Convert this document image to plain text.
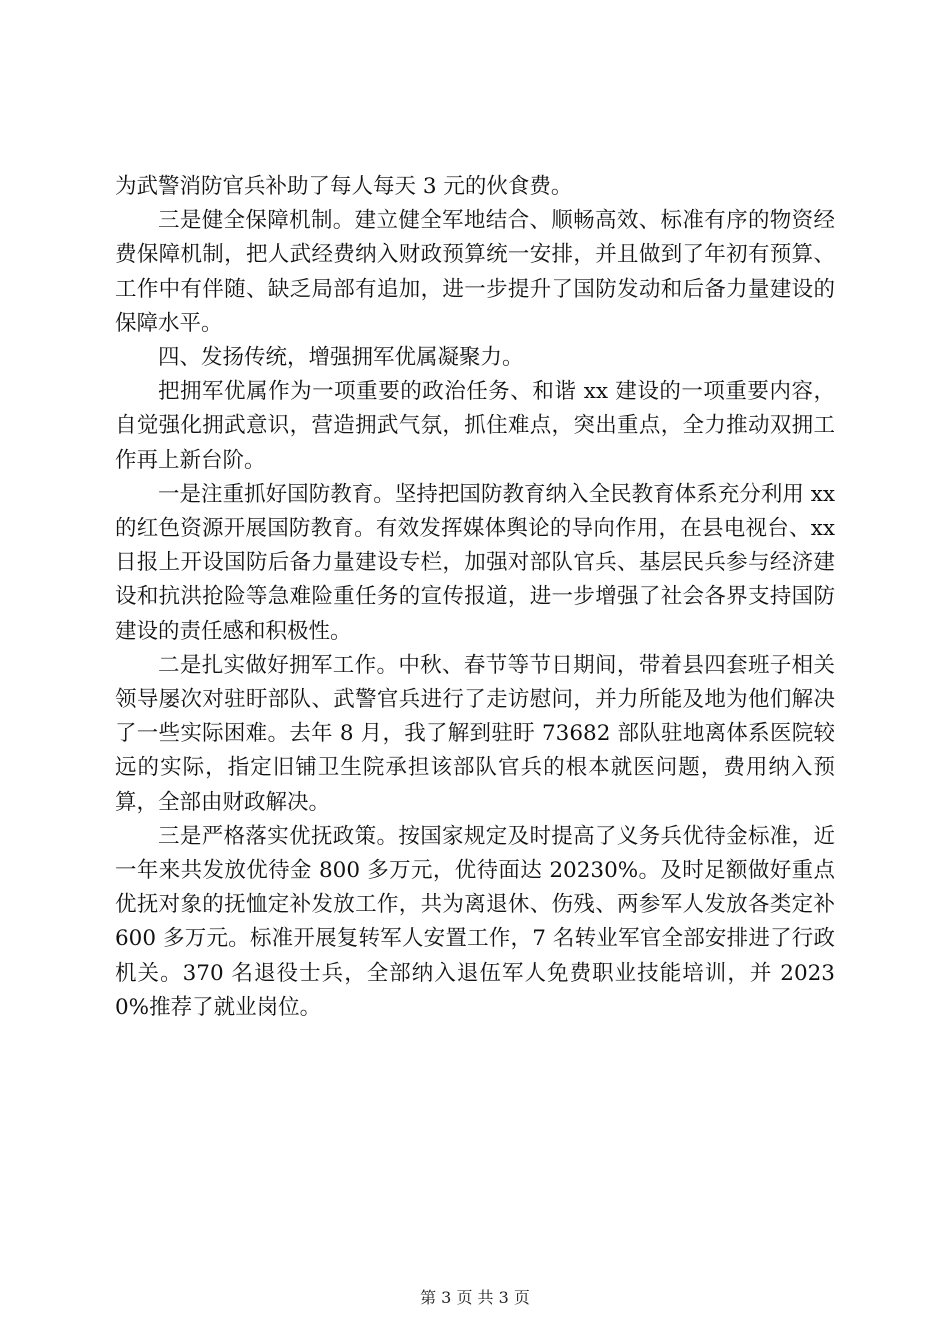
为武警消防官兵补助了每人每天 3 元的伙食费。

三是健全保障机制。建立健全军地结合、顺畅高效、标准有序的物资经费保障机制，把人武经费纳入财政预算统一安排，并且做到了年初有预算、工作中有伴随、缺乏局部有追加，进一步提升了国防发动和后备力量建设的保障水平。

四、发扬传统，增强拥军优属凝聚力。

把拥军优属作为一项重要的政治任务、和谐 xx 建设的一项重要内容，自觉强化拥武意识，营造拥武气氛，抓住难点，突出重点，全力推动双拥工作再上新台阶。

一是注重抓好国防教育。坚持把国防教育纳入全民教育体系充分利用 xx 的红色资源开展国防教育。有效发挥媒体舆论的导向作用，在县电视台、xx 日报上开设国防后备力量建设专栏，加强对部队官兵、基层民兵参与经济建设和抗洪抢险等急难险重任务的宣传报道，进一步增强了社会各界支持国防建设的责任感和积极性。

二是扎实做好拥军工作。中秋、春节等节日期间，带着县四套班子相关领导屡次对驻盱部队、武警官兵进行了走访慰问，并力所能及地为他们解决了一些实际困难。去年 8 月，我了解到驻盱 73682 部队驻地离体系医院较远的实际，指定旧铺卫生院承担该部队官兵的根本就医问题，费用纳入预算，全部由财政解决。

三是严格落实优抚政策。按国家规定及时提高了义务兵优待金标准，近一年来共发放优待金 800 多万元，优待面达 20230%。及时足额做好重点优抚对象的抚恤定补发放工作，共为离退休、伤残、两参军人发放各类定补 600 多万元。标准开展复转军人安置工作，7 名转业军官全部安排进了行政机关。370 名退役士兵，全部纳入退伍军人免费职业技能培训，并 20230%推荐了就业岗位。

第 3 页 共 3 页
